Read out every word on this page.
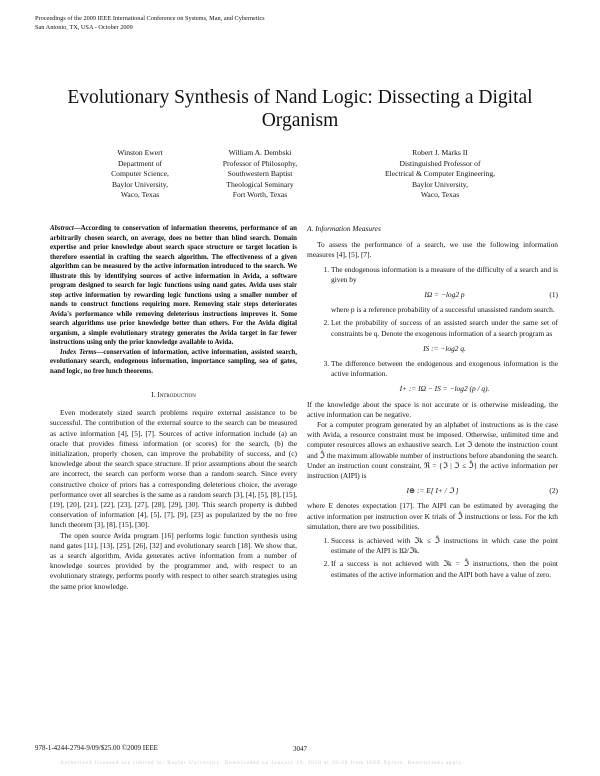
Proceedings of the 2009 IEEE International Conference on Systems, Man, and Cybernetics
San Antonio, TX, USA - October 2009
Evolutionary Synthesis of Nand Logic: Dissecting a Digital Organism
Winston Ewert
Department of
Computer Science,
Baylor University,
Waco, Texas
William A. Dembski
Professor of Philosophy,
Southwestern Baptist
Theological Seminary
Fort Worth, Texas
Robert J. Marks II
Distinguished Professor of
Electrical & Computer Engineering,
Baylor University,
Waco, Texas

Abstract—According to conservation of information theorems, performance of an arbitrarily chosen search, on average, does no better than blind search. Domain expertise and prior knowledge about search space structure or target location is therefore essential in crafting the search algorithm. The effectiveness of a given algorithm can be measured by the active information introduced to the search. We illustrate this by identifying sources of active information in Avida, a software program designed to search for logic functions using nand gates. Avida uses stair step active information by rewarding logic functions using a smaller number of nands to construct functions requiring more. Removing stair steps deteriorates Avida's performance while removing deleterious instructions improves it. Some search algorithms use prior knowledge better than others. For the Avida digital organism, a simple evolutionary strategy generates the Avida target in far fewer instructions using only the prior knowledge available to Avida.

Index Terms—conservation of information, active information, assisted search, evolutionary search, endogenous information, importance sampling, sea of gates, nand logic, no free lunch theorems.

I. Introduction

Even moderately sized search problems require external assistance to be successful. The contribution of the external source to the search can be measured as active information [4], [5], [7]. Sources of active information include (a) an oracle that provides fitness information (or scores) for the search, (b) the initialization, properly chosen, can improve the probability of success, and (c) knowledge about the search space structure. If prior assumptions about the search are incorrect, the search can perform worse than a random search. Since every constructive choice of priors has a corresponding deleterious choice, the average performance over all searches is the same as a random search [3], [4], [5], [8], [15], [19], [20], [21], [22], [23], [27], [28], [29], [30]. This search property is dubbed conservation of information [4], [5], [7], [9], [23] as popularized by the no free lunch theorem [3], [8], [15], [30].

The open source Avida program [16] performs logic function synthesis using nand gates [11], [13], [25], [26], [32] and evolutionary search [18]. We show that, as a search algorithm, Avida generates active information from a number of knowledge sources provided by the programmer and, with respect to an evolutionary strategy, performs poorly with respect to other search strategies using the same prior knowledge.

A. Information Measures

To assess the performance of a search, we use the following information measures [4], [5], [7].

1. The endogenous information is a measure of the difficulty of a search and is given by
IΩ = −log2 p	(1)
where p is a reference probability of a successful unassisted random search.
2. Let the probability of success of an assisted search under the same set of constraints be q. Denote the exogenous information of a search program as
IS := −log2 q.
3. The difference between the endogenous and exogenous information is the active information.
I+ := IΩ − IS = −log2 (p / q).

If the knowledge about the space is not accurate or is otherwise misleading, the active information can be negative.

For a computer program generated by an alphabet of instructions as is the case with Avida, a resource constraint must be imposed. Otherwise, unlimited time and computer resources allows an exhaustive search. Let ℑ denote the instruction count and ℑ̂ the maximum allowable number of instructions before abandoning the search. Under an instruction count constraint, ℜ = {ℑ | ℑ ≤ ℑ̂} the active information per instruction (AIPI) is

I⊕ := E[ I+ / ℑ ]	(2)

where E denotes expectation [17]. The AIPI can be estimated by averaging the active information per instruction over K trials of ℑ̂ instructions or less. For the kth simulation, there are two possibilities.

1. Success is achieved with ℑk ≤ ℑ̂ instructions in which case the point estimate of the AIPI is IΩ/ℑk.
2. If a success is not achieved with ℑk = ℑ̂ instructions, then the point estimates of the active information and the AIPI both have a value of zero.
978-1-4244-2794-9/09/$25.00 ©2009 IEEE	3047
Authorized licensed use limited to: Baylor University. Downloaded on January 19, 2010 at 19:28 from IEEE Xplore. Restrictions apply.
